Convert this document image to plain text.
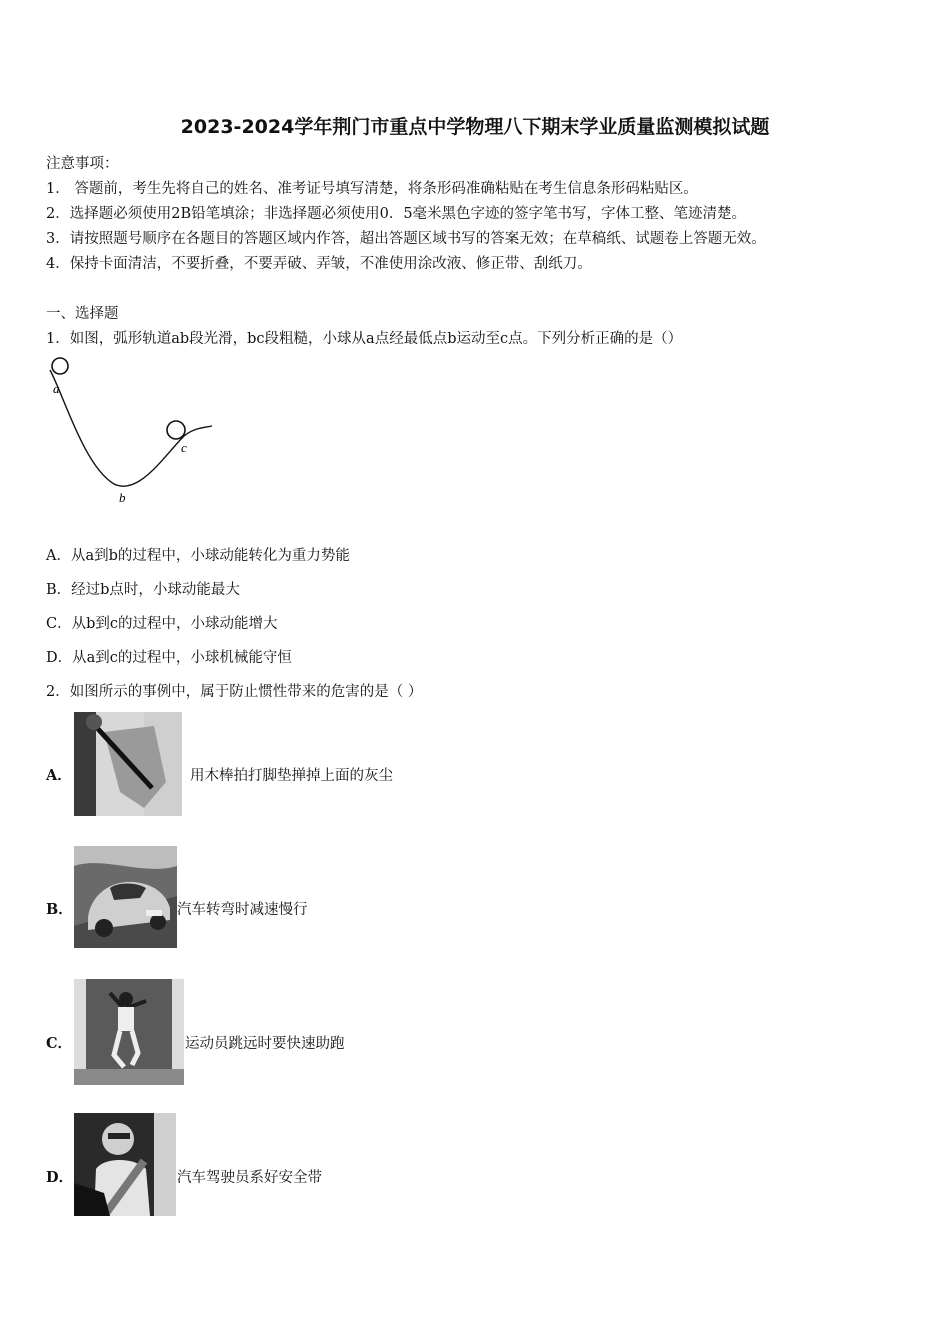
2023-2024学年荆门市重点中学物理八下期末学业质量监测模拟试题
注意事项：
1． 答题前，考生先将自己的姓名、准考证号填写清楚，将条形码准确粘贴在考生信息条形码粘贴区。
2．选择题必须使用2B铅笔填涂；非选择题必须使用0．5毫米黑色字迹的签字笔书写，字体工整、笔迹清楚。
3．请按照题号顺序在各题目的答题区域内作答，超出答题区域书写的答案无效；在草稿纸、试题卷上答题无效。
4．保持卡面清洁，不要折叠，不要弄破、弄皱，不准使用涂改液、修正带、刮纸刀。
一、选择题
1．如图，弧形轨道ab段光滑，bc段粗糙，小球从a点经最低点b运动至c点。下列分析正确的是（）
a
b
c
A．从a到b的过程中，小球动能转化为重力势能
B．经过b点时，小球动能最大
C．从b到c的过程中，小球动能增大
D．从a到c的过程中，小球机械能守恒
2．如图所示的事例中，属于防止惯性带来的危害的是（ ）
A．	用木棒拍打脚垫掸掉上面的灰尘
B．	汽车转弯时减速慢行
C．	运动员跳远时要快速助跑
D．	汽车驾驶员系好安全带
